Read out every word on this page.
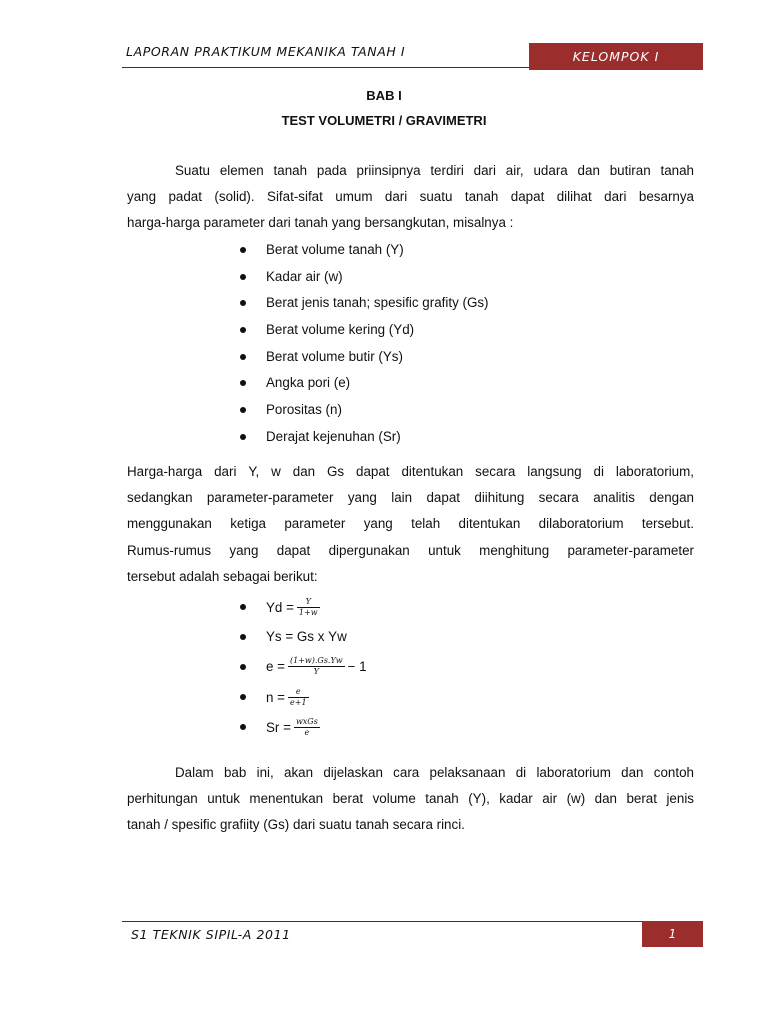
LAPORAN PRAKTIKUM MEKANIKA TANAH I	KELOMPOK I
BAB I
TEST VOLUMETRI / GRAVIMETRI
Suatu elemen tanah pada priinsipnya terdiri dari air, udara dan butiran tanah
yang padat (solid). Sifat-sifat umum dari suatu tanah dapat dilihat dari besarnya
harga-harga parameter dari tanah yang bersangkutan, misalnya :
Berat volume tanah (Υ)
Kadar air (w)
Berat jenis tanah; spesific grafity (Gs)
Berat volume kering (Υd)
Berat volume butir (Υs)
Angka pori (e)
Porositas (n)
Derajat kejenuhan (Sr)
Harga-harga dari Υ, w dan Gs dapat ditentukan secara langsung di laboratorium,
sedangkan parameter-parameter yang lain dapat diihitung secara analitis dengan
menggunakan ketiga parameter yang telah ditentukan dilaboratorium tersebut.
Rumus-rumus yang dapat dipergunakan untuk menghitung parameter-parameter
tersebut adalah sebagai berikut:
$\Upsilon d = \frac{\Upsilon}{1+w}$
Υs = Gs x Υw
$e = \frac{(1+w).Gs.\Upsilon w}{\Upsilon} - 1$
$n = \frac{e}{e+1}$
$Sr = \frac{\text{wxGs}}{e}$
Dalam bab ini, akan dijelaskan cara pelaksanaan di laboratorium dan contoh
perhitungan untuk menentukan berat volume tanah (Υ), kadar air (w) dan berat jenis
tanah / spesific grafiity (Gs) dari suatu tanah secara rinci.
S1 TEKNIK SIPIL-A 2011	1
